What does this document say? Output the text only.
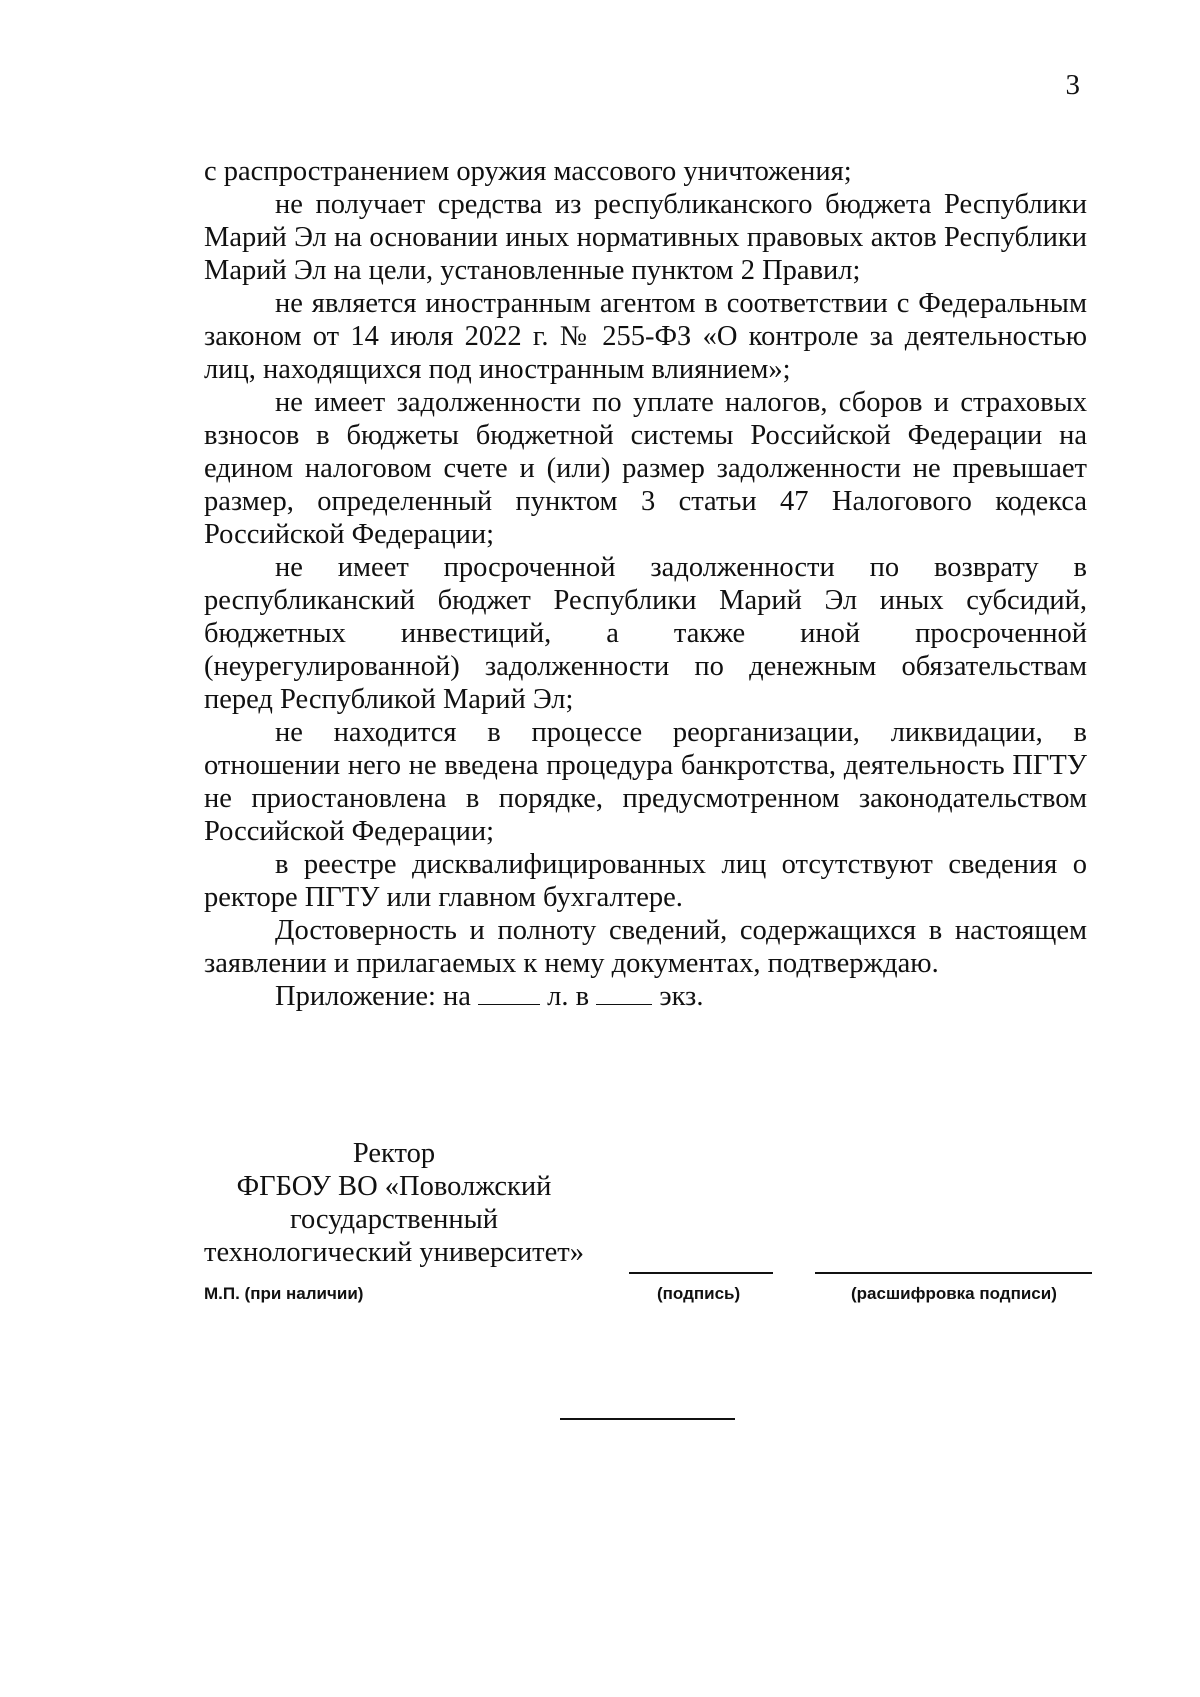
3

с распространением оружия массового уничтожения;

не получает средства из республиканского бюджета Республики Марий Эл на основании иных нормативных правовых актов Республики Марий Эл на цели, установленные пунктом 2 Правил;

не является иностранным агентом в соответствии с Федеральным законом от 14 июля 2022 г. № 255-ФЗ «О контроле за деятельностью лиц, находящихся под иностранным влиянием»;

не имеет задолженности по уплате налогов, сборов и страховых взносов в бюджеты бюджетной системы Российской Федерации на едином налоговом счете и (или) размер задолженности не превышает размер, определенный пунктом 3 статьи 47 Налогового кодекса Российской Федерации;

не имеет просроченной задолженности по возврату в республиканский бюджет Республики Марий Эл иных субсидий, бюджетных инвестиций, а также иной просроченной (неурегулированной) задолженности по денежным обязательствам перед Республикой Марий Эл;

не находится в процессе реорганизации, ликвидации, в отношении него не введена процедура банкротства, деятельность ПГТУ не приостановлена в порядке, предусмотренном законодательством Российской Федерации;

в реестре дисквалифицированных лиц отсутствуют сведения о ректоре ПГТУ или главном бухгалтере.

Достоверность и полноту сведений, содержащихся в настоящем заявлении и прилагаемых к нему документах, подтверждаю.

Приложение: на	л. в экз.

Ректор
ФГБОУ ВО «Поволжский
государственный
технологический университет»
М.П. (при наличии)	(подпись)	(расшифровка подписи)
